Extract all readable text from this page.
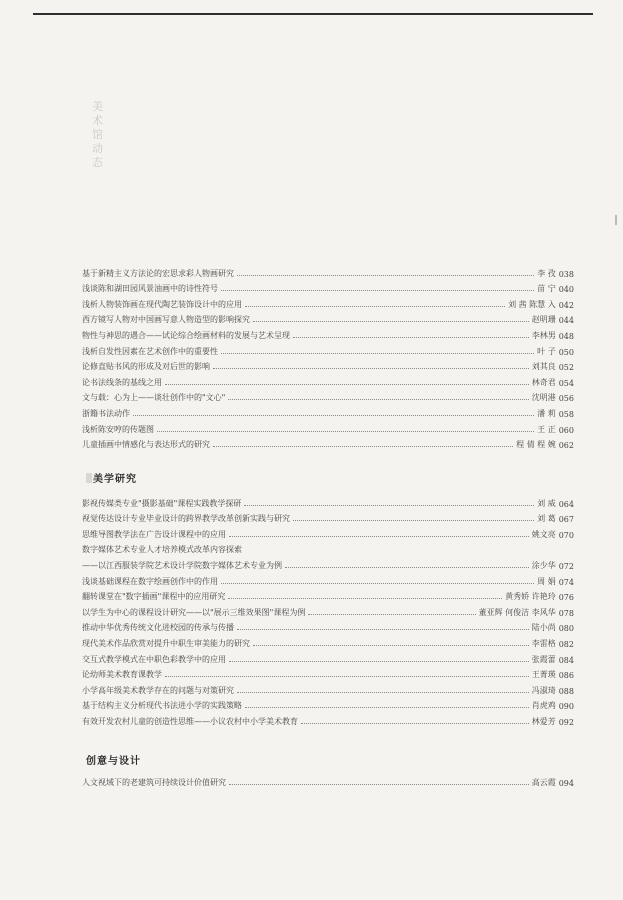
美术馆动态
基于新精主义方法论的宏思求彩人物画研究	李 孜 038
浅谈陈和湖田园风景油画中的诗性符号	苗 宁 040
浅析人物装饰画在现代陶艺装饰设计中的应用	刘 茜 陈慧 入 042
西方镜写人物对中国画写意人物造型的影响探究	赵明珊 044
物性与神思的遇合——试论综合绘画材料的发展与艺术呈现	李林男 048
浅析自发性因素在艺术创作中的重要性	叶 子 050
论修直贴书风的形成及对后世的影响	刘其良 052
论书法线条的基线之用	林奇君 054
文与载：心为上——谈壮创作中的"文心"	沈明港 056
浙籍书法动作	潘 莉 058
浅析陈安哼的传题图	王 正 060
儿童插画中情感化与表达形式的研究	程 倩 程 婉 062
美学研究
影视传媒类专业"摄影基础"课程实践教学探研	刘 威 064
视觉传达设计专业毕业设计的跨界教学改革创新实践与研究	刘 葛 067
思维导图教学法在广告设计课程中的应用	姚文亮 070
数字媒体艺术专业人才培养模式改革内容探索
——以江西服装学院艺术设计学院数字媒体艺术专业为例	涂少华 072
浅谈基础课程在数字绘画创作中的作用	周 娟 074
翻转课堂在"数字插画"课程中的应用研究	黄秀娇 许艳玲 076
以学生为中心的课程设计研究——以"展示三维效果图"课程为例	董亚辉 何俊洁 李风华 078
推动中华优秀传统文化进校园的传承与传播	陆小尚 080
现代美术作品欣赏对提升中职生审美能力的研究	李雷格 082
交互式教学模式在中职色彩教学中的应用	张霞蕾 084
论幼师美术教育课教学	王菁瑛 086
小学高年级美术教学存在的问题与对策研究	冯淑琦 088
基于结构主义分析现代书法进小学的实践策略	肖虎鸡 090
有效开发农村儿童的创造性思维——小议农村中小学美术教育	林爱芳 092
创意与设计
人文视域下的老建筑可持续设计价值研究	高云霞 094
